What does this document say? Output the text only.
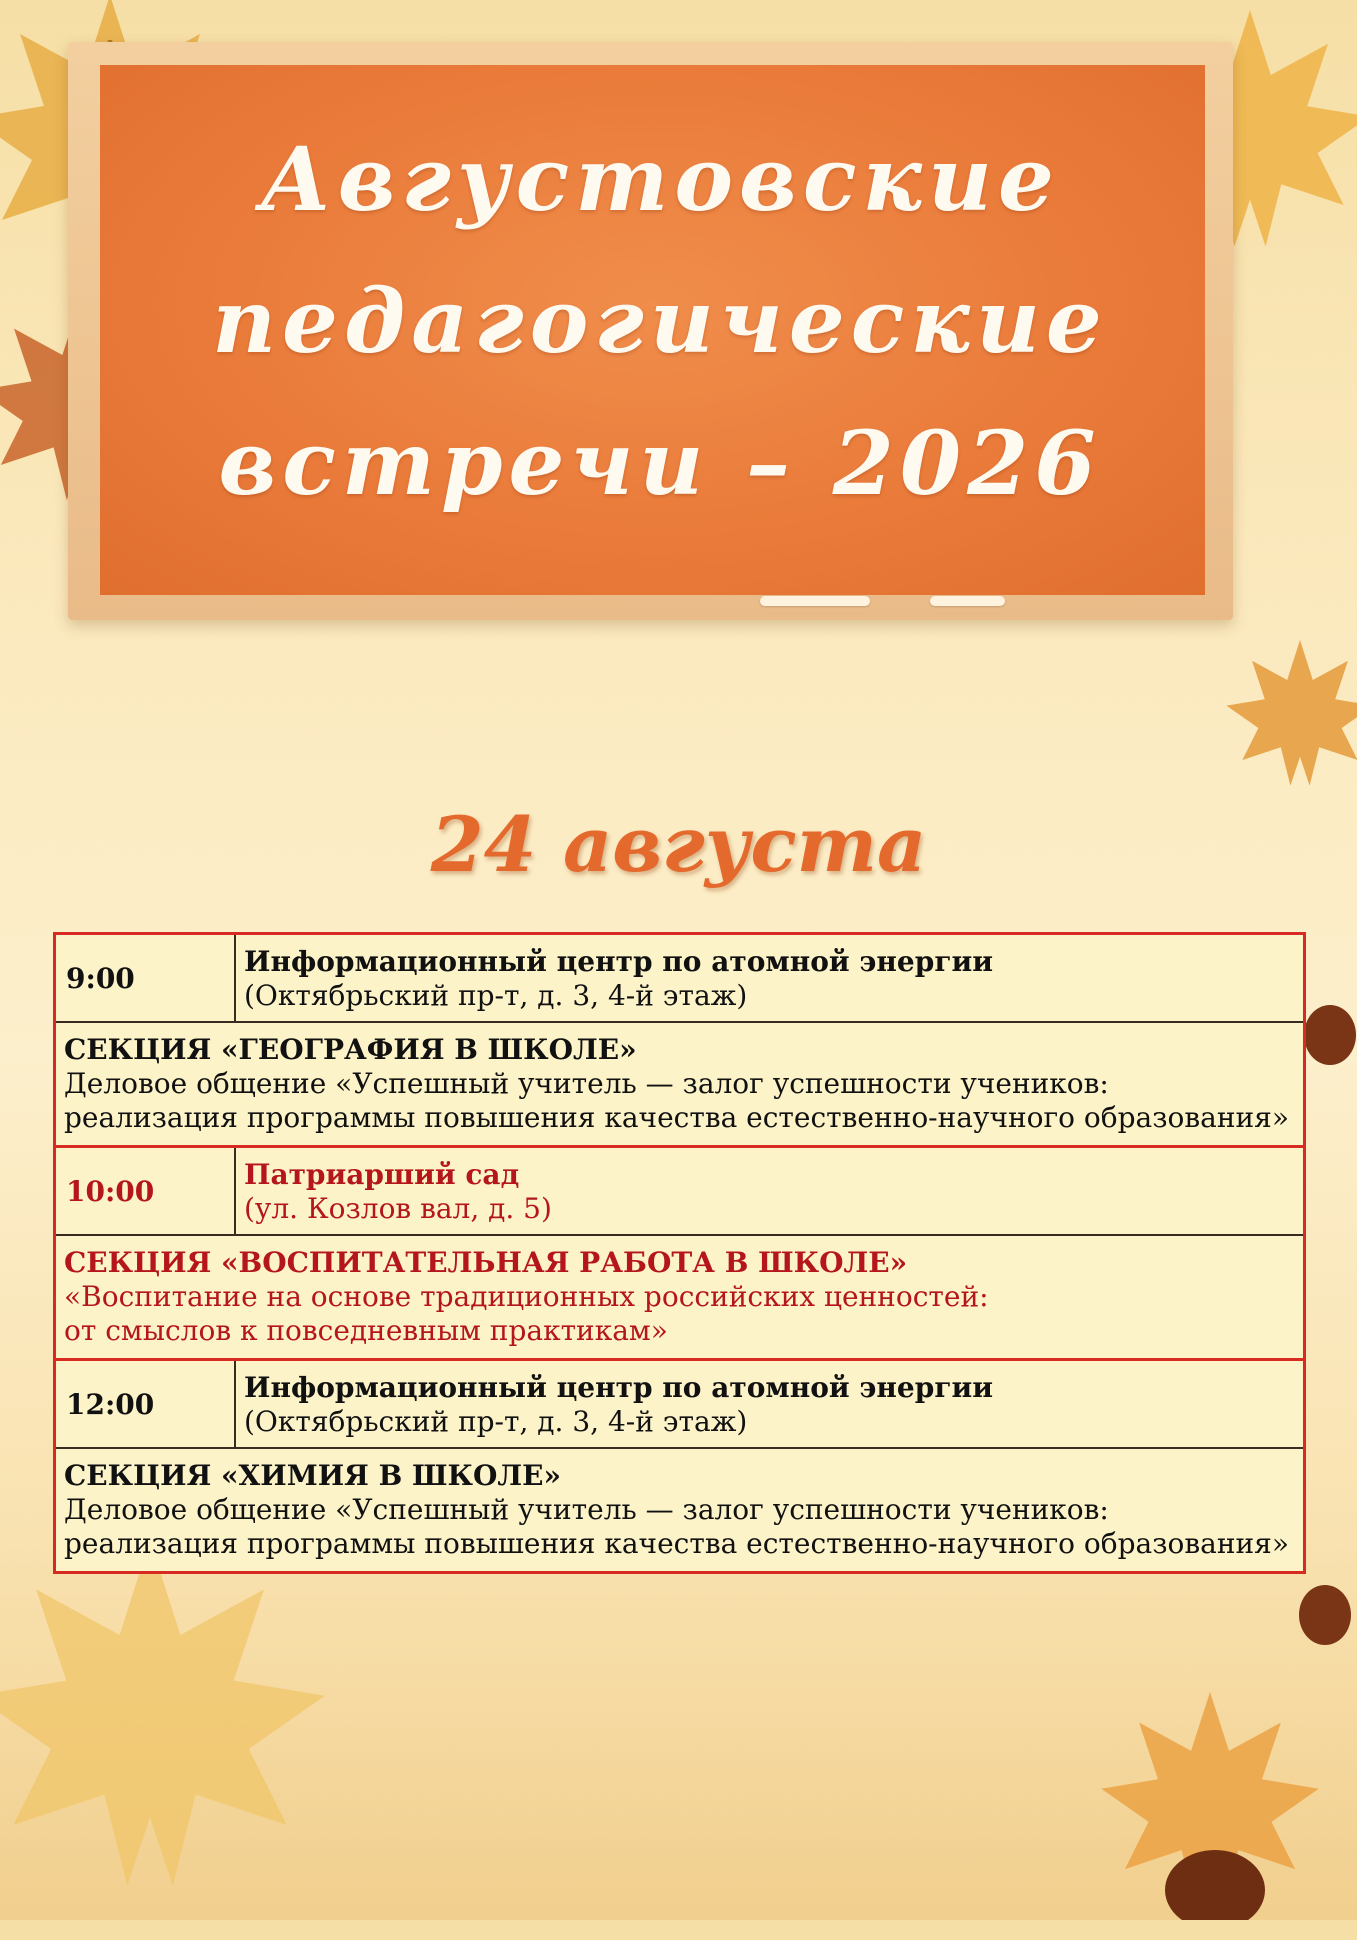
Августовские
педагогические
встречи – 2026
24 августа
9:00	Информационный центр по атомной энергии
(Октябрьский пр-т, д. 3, 4-й этаж)
СЕКЦИЯ «ГЕОГРАФИЯ В ШКОЛЕ»
Деловое общение «Успешный учитель — залог успешности учеников:
реализация программы повышения качества естественно-научного образования»
10:00	Патриарший сад
(ул. Козлов вал, д. 5)
СЕКЦИЯ «ВОСПИТАТЕЛЬНАЯ РАБОТА В ШКОЛЕ»
«Воспитание на основе традиционных российских ценностей:
от смыслов к повседневным практикам»
12:00	Информационный центр по атомной энергии
(Октябрьский пр-т, д. 3, 4-й этаж)
СЕКЦИЯ «ХИМИЯ В ШКОЛЕ»
Деловое общение «Успешный учитель — залог успешности учеников:
реализация программы повышения качества естественно-научного образования»
